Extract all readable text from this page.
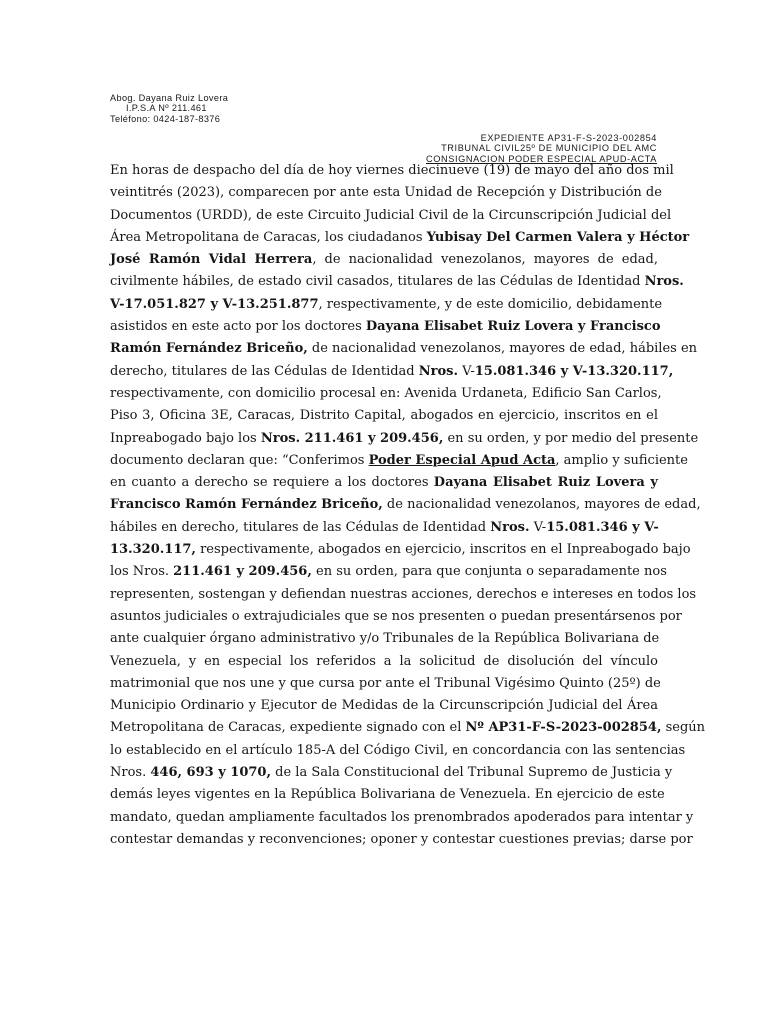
Abog. Dayana Ruiz Lovera
I.P.S.A Nº 211.461
Teléfono: 0424-187-8376
EXPEDIENTE AP31-F-S-2023-002854
TRIBUNAL CIVIL25º DE MUNICIPIO DEL AMC
CONSIGNACION PODER ESPECIAL APUD-ACTA
En horas de despacho del día de hoy viernes diecinueve (19) de mayo del año dos mil
veintitrés (2023), comparecen por ante esta Unidad de Recepción y Distribución de
Documentos (URDD), de este Circuito Judicial Civil de la Circunscripción Judicial del
Área Metropolitana de Caracas, los ciudadanos Yubisay Del Carmen Valera y Héctor
José Ramón Vidal Herrera, de nacionalidad venezolanos, mayores de edad,
civilmente hábiles, de estado civil casados, titulares de las Cédulas de Identidad Nros.
V-17.051.827 y V-13.251.877, respectivamente, y de este domicilio, debidamente
asistidos en este acto por los doctores Dayana Elisabet Ruiz Lovera y Francisco
Ramón Fernández Briceño, de nacionalidad venezolanos, mayores de edad, hábiles en
derecho, titulares de las Cédulas de Identidad Nros. V-15.081.346 y V-13.320.117,
respectivamente, con domicilio procesal en: Avenida Urdaneta, Edificio San Carlos,
Piso 3, Oficina 3E, Caracas, Distrito Capital, abogados en ejercicio, inscritos en el
Inpreabogado bajo los Nros. 211.461 y 209.456, en su orden, y por medio del presente
documento declaran que: “Conferimos Poder Especial Apud Acta, amplio y suficiente
en cuanto a derecho se requiere a los doctores Dayana Elisabet Ruiz Lovera y
Francisco Ramón Fernández Briceño, de nacionalidad venezolanos, mayores de edad,
hábiles en derecho, titulares de las Cédulas de Identidad Nros. V-15.081.346 y V-
13.320.117, respectivamente, abogados en ejercicio, inscritos en el Inpreabogado bajo
los Nros. 211.461 y 209.456, en su orden, para que conjunta o separadamente nos
representen, sostengan y defiendan nuestras acciones, derechos e intereses en todos los
asuntos judiciales o extrajudiciales que se nos presenten o puedan presentársenos por
ante cualquier órgano administrativo y/o Tribunales de la República Bolivariana de
Venezuela, y en especial los referidos a la solicitud de disolución del vínculo
matrimonial que nos une y que cursa por ante el Tribunal Vigésimo Quinto (25º) de
Municipio Ordinario y Ejecutor de Medidas de la Circunscripción Judicial del Área
Metropolitana de Caracas, expediente signado con el Nº AP31-F-S-2023-002854, según
lo establecido en el artículo 185-A del Código Civil, en concordancia con las sentencias
Nros. 446, 693 y 1070, de la Sala Constitucional del Tribunal Supremo de Justicia y
demás leyes vigentes en la República Bolivariana de Venezuela. En ejercicio de este
mandato, quedan ampliamente facultados los prenombrados apoderados para intentar y
contestar demandas y reconvenciones; oponer y contestar cuestiones previas; darse por
